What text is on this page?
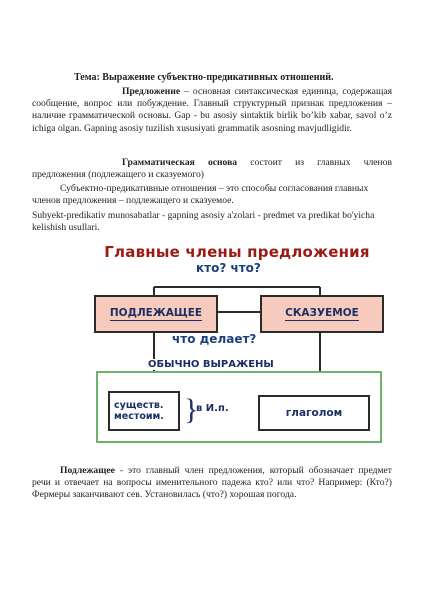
Тема: Выражение субъектно-предикативных отношений.

Предложение – основная синтаксическая единица, содержащая сообщение, вопрос или побуждение. Главный структурный признак предложения – наличие грамматической основы. Gap - bu asosiy sintaktik birlik bo’kib xabar, savol o’z ichiga olgan. Gapning asosiy tuzilish xususiyati grammatik asosning mavjudligidir.

Грамматическая основа состоит из главных членов предложения (подлежащего и сказуемого)

Субъектно-предикативные отношения – это способы согласования главных членов предложения – подлежащего и сказуемое.

Subyekt-predikativ munosabatlar - gapning asosiy a'zolari - predmet va predikat bo'yicha kelishish usullari.

Главные члены предложения
кто? что?
ПОДЛЕЖАЩЕЕ	СКАЗУЕМОЕ
что делает?
ОБЫЧНО ВЫРАЖЕНЫ
существ.
местоим. }
в И.п.	глаголом

Подлежащее - это главный член предложения, который обозначает предмет речи и отвечает на вопросы именительного падежа кто? или что? Например: (Кто?) Фермеры заканчивают сев. Установилась (что?) хорошая погода.
